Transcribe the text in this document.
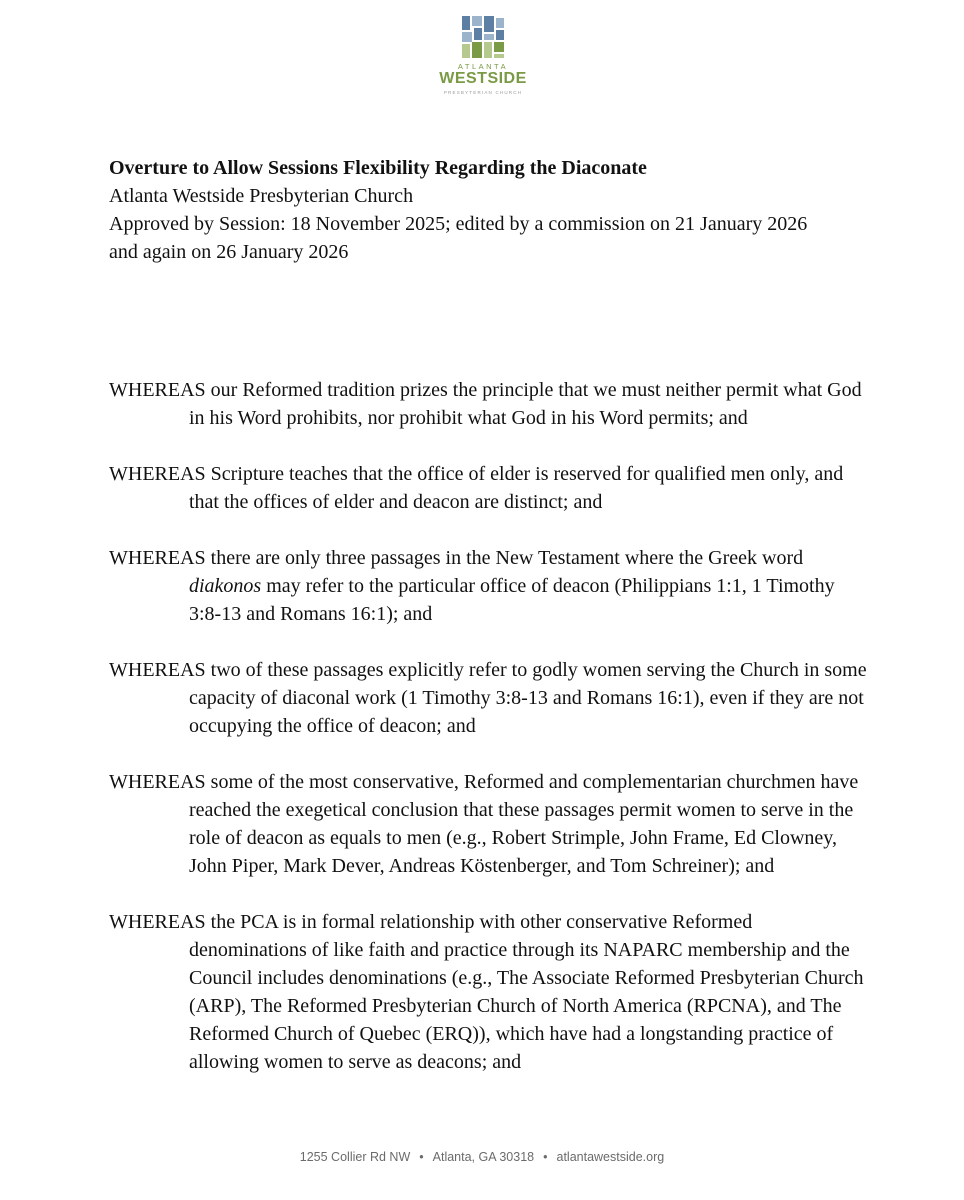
ATLANTA
WESTSIDE
PRESBYTERIAN CHURCH
Overture to Allow Sessions Flexibility Regarding the Diaconate
Atlanta Westside Presbyterian Church
Approved by Session: 18 November 2025; edited by a commission on 21 January 2026
and again on 26 January 2026

WHEREAS our Reformed tradition prizes the principle that we must neither permit what God in his Word prohibits, nor prohibit what God in his Word permits; and

WHEREAS Scripture teaches that the office of elder is reserved for qualified men only, and that the offices of elder and deacon are distinct; and

WHEREAS there are only three passages in the New Testament where the Greek word diakonos may refer to the particular office of deacon (Philippians 1:1, 1 Timothy 3:8-13 and Romans 16:1); and

WHEREAS two of these passages explicitly refer to godly women serving the Church in some capacity of diaconal work (1 Timothy 3:8-13 and Romans 16:1), even if they are not occupying the office of deacon; and

WHEREAS some of the most conservative, Reformed and complementarian churchmen have reached the exegetical conclusion that these passages permit women to serve in the role of deacon as equals to men (e.g., Robert Strimple, John Frame, Ed Clowney, John Piper, Mark Dever, Andreas Köstenberger, and Tom Schreiner); and

WHEREAS the PCA is in formal relationship with other conservative Reformed denominations of like faith and practice through its NAPARC membership and the Council includes denominations (e.g., The Associate Reformed Presbyterian Church (ARP), The Reformed Presbyterian Church of North America (RPCNA), and The Reformed Church of Quebec (ERQ)), which have had a longstanding practice of allowing women to serve as deacons; and

1255 Collier Rd NW • Atlanta, GA 30318 • atlantawestside.org
